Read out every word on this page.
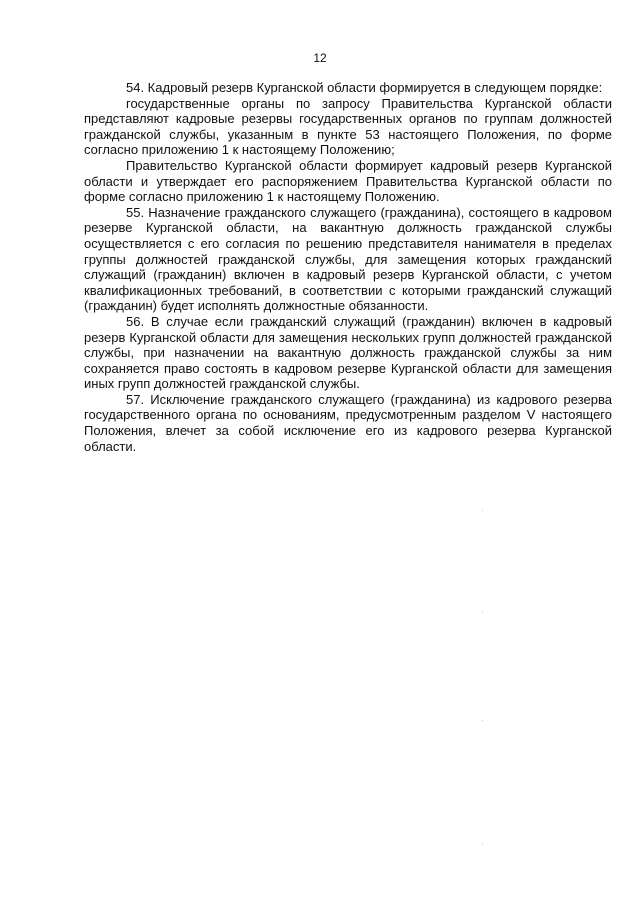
12

54. Кадровый резерв Курганской области формируется в следующем порядке:

государственные органы по запросу Правительства Курганской области представляют кадровые резервы государственных органов по группам должностей гражданской службы, указанным в пункте 53 настоящего Положения, по форме согласно приложению 1 к настоящему Положению;

Правительство Курганской области формирует кадровый резерв Курганской области и утверждает его распоряжением Правительства Курганской области по форме согласно приложению 1 к настоящему Положению.

55. Назначение гражданского служащего (гражданина), состоящего в кадровом резерве Курганской области, на вакантную должность гражданской службы осуществляется с его согласия по решению представителя нанимателя в пределах группы должностей гражданской службы, для замещения которых гражданский служащий (гражданин) включен в кадровый резерв Курганской области, с учетом квалификационных требований, в соответствии с которыми гражданский служащий (гражданин) будет исполнять должностные обязанности.

56. В случае если гражданский служащий (гражданин) включен в кадровый резерв Курганской области для замещения нескольких групп должностей гражданской службы, при назначении на вакантную должность гражданской службы за ним сохраняется право состоять в кадровом резерве Курганской области для замещения иных групп должностей гражданской службы.

57. Исключение гражданского служащего (гражданина) из кадрового резерва государственного органа по основаниям, предусмотренным разделом V настоящего Положения, влечет за собой исключение его из кадрового резерва Курганской области.
